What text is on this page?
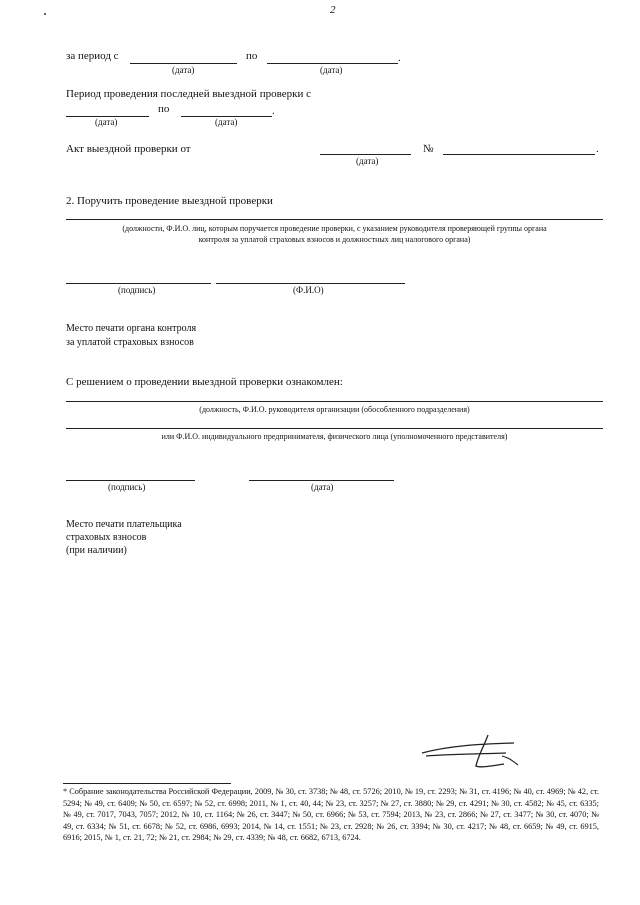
2
за период с	по	.
(дата)	(дата)
Период проведения последней выездной проверки с
по	.
(дата)	(дата)
Акт выездной проверки от	№	.
(дата)
2. Поручить проведение выездной проверки
(должности, Ф.И.О. лиц, которым поручается проведение проверки, с указанием руководителя проверяющей группы органа
контроля за уплатой страховых взносов и должностных лиц налогового органа)
(подпись)	(Ф.И.О)
Место печати органа контроля
за уплатой страховых взносов
С решением о проведении выездной проверки ознакомлен:
(должность, Ф.И.О. руководителя организации (обособленного подразделения)
или Ф.И.О. индивидуального предпринимателя, физического лица (уполномоченного представителя)
(подпись)	(дата)
Место печати плательщика
страховых взносов
(при наличии)
* Собрание законодательства Российской Федерации, 2009, № 30, ст. 3738; № 48, ст. 5726; 2010, № 19, ст. 2293; № 31, ст. 4196; № 40, ст. 4969; № 42, ст. 5294; № 49, ст. 6409; № 50, ст. 6597; № 52, ст. 6998; 2011, № 1, ст. 40, 44; № 23, ст. 3257; № 27, ст. 3880; № 29, ст. 4291; № 30, ст. 4582; № 45, ст. 6335; № 49, ст. 7017, 7043, 7057; 2012, № 10, ст. 1164; № 26, ст. 3447; № 50, ст. 6966; № 53, ст. 7594; 2013, № 23, ст. 2866; № 27, ст. 3477; № 30, ст. 4070; № 49, ст. 6334; № 51, ст. 6678; № 52, ст. 6986, 6993; 2014, № 14, ст. 1551; № 23, ст. 2928; № 26, ст. 3394; № 30, ст. 4217; № 48, ст. 6659; № 49, ст. 6915, 6916; 2015, № 1, ст. 21, 72; № 21, ст. 2984; № 29, ст. 4339; № 48, ст. 6682, 6713, 6724.
